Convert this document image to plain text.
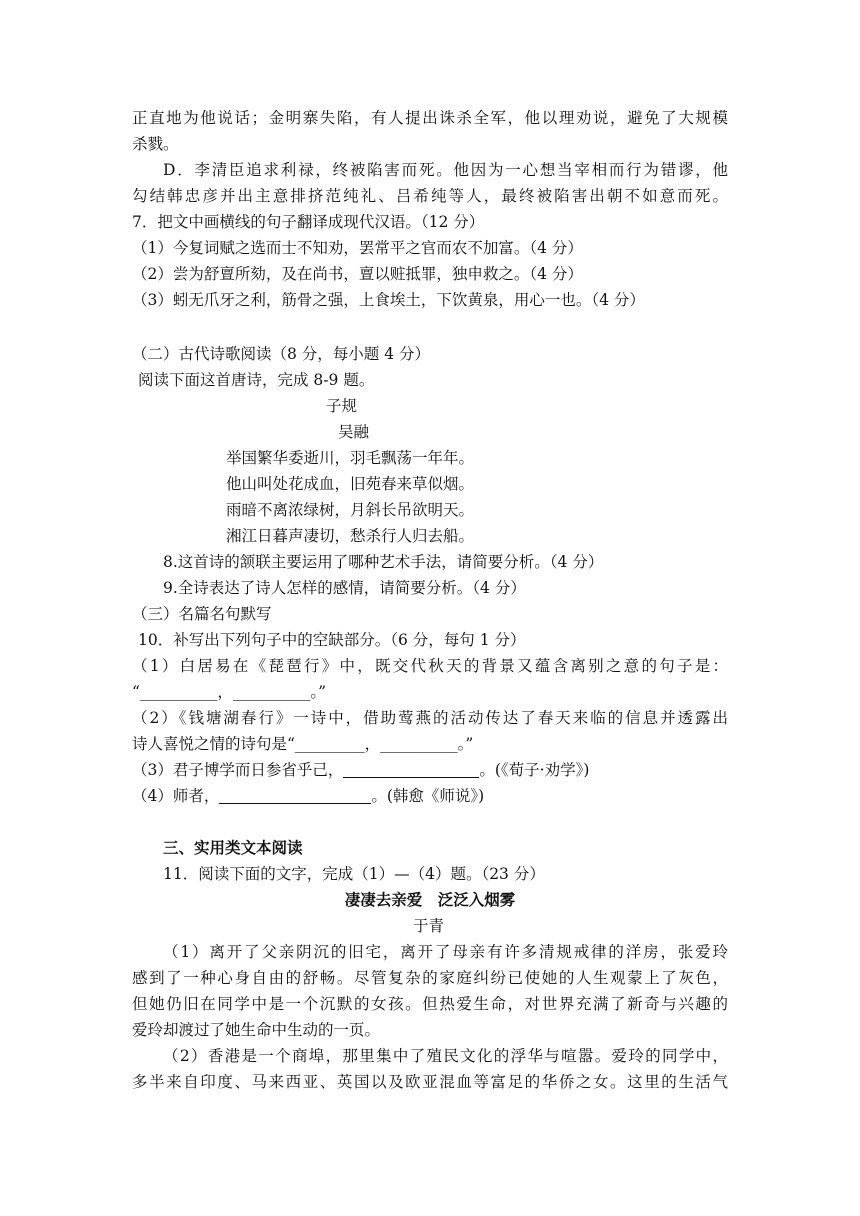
正直地为他说话；金明寨失陷，有人提出诛杀全军，他以理劝说，避免了大规模
杀戮。
D．李清臣追求利禄，终被陷害而死。他因为一心想当宰相而行为错谬，他
勾结韩忠彦并出主意排挤范纯礼、吕希纯等人，最终被陷害出朝不如意而死。
7．把文中画横线的句子翻译成现代汉语。（12 分）
（1）今复词赋之选而士不知劝，罢常平之官而农不加富。（4 分）
（2）尝为舒亶所劾，及在尚书，亶以赃抵罪，独申救之。（4 分）
（3）蚓无爪牙之利，筋骨之强，上食埃土，下饮黄泉，用心一也。（4 分）
（二）古代诗歌阅读（8 分，每小题 4 分）
阅读下面这首唐诗，完成 8-9 题。
子规
吴融
举国繁华委逝川，羽毛飘荡一年年。
他山叫处花成血，旧苑春来草似烟。
雨暗不离浓绿树，月斜长吊欲明天。
湘江日暮声凄切，愁杀行人归去船。
8.这首诗的颔联主要运用了哪种艺术手法，请简要分析。（4 分）
9.全诗表达了诗人怎样的感情，请简要分析。（4 分）
（三）名篇名句默写
10．补写出下列句子中的空缺部分。（6 分，每句 1 分）
（1）白居易在《琵琶行》中，既交代秋天的背景又蕴含离别之意的句子是：
“__________，__________。”
（2）《钱塘湖春行》一诗中，借助莺燕的活动传达了春天来临的信息并透露出
诗人喜悦之情的诗句是“_________，__________。”
（3）君子博学而日参省乎己，	。(《荀子·劝学》)
（4）师者，	。(韩愈《师说》)
三、实用类文本阅读
11．阅读下面的文字，完成（1）—（4）题。（23 分）
凄凄去亲爱　泛泛入烟雾
于青
（1）离开了父亲阴沉的旧宅，离开了母亲有许多清规戒律的洋房，张爱玲
感到了一种心身自由的舒畅。尽管复杂的家庭纠纷已使她的人生观蒙上了灰色，
但她仍旧在同学中是一个沉默的女孩。但热爱生命，对世界充满了新奇与兴趣的
爱玲却渡过了她生命中生动的一页。
（2）香港是一个商埠，那里集中了殖民文化的浮华与喧嚣。爱玲的同学中，
多半来自印度、马来西亚、英国以及欧亚混血等富足的华侨之女。这里的生活气
